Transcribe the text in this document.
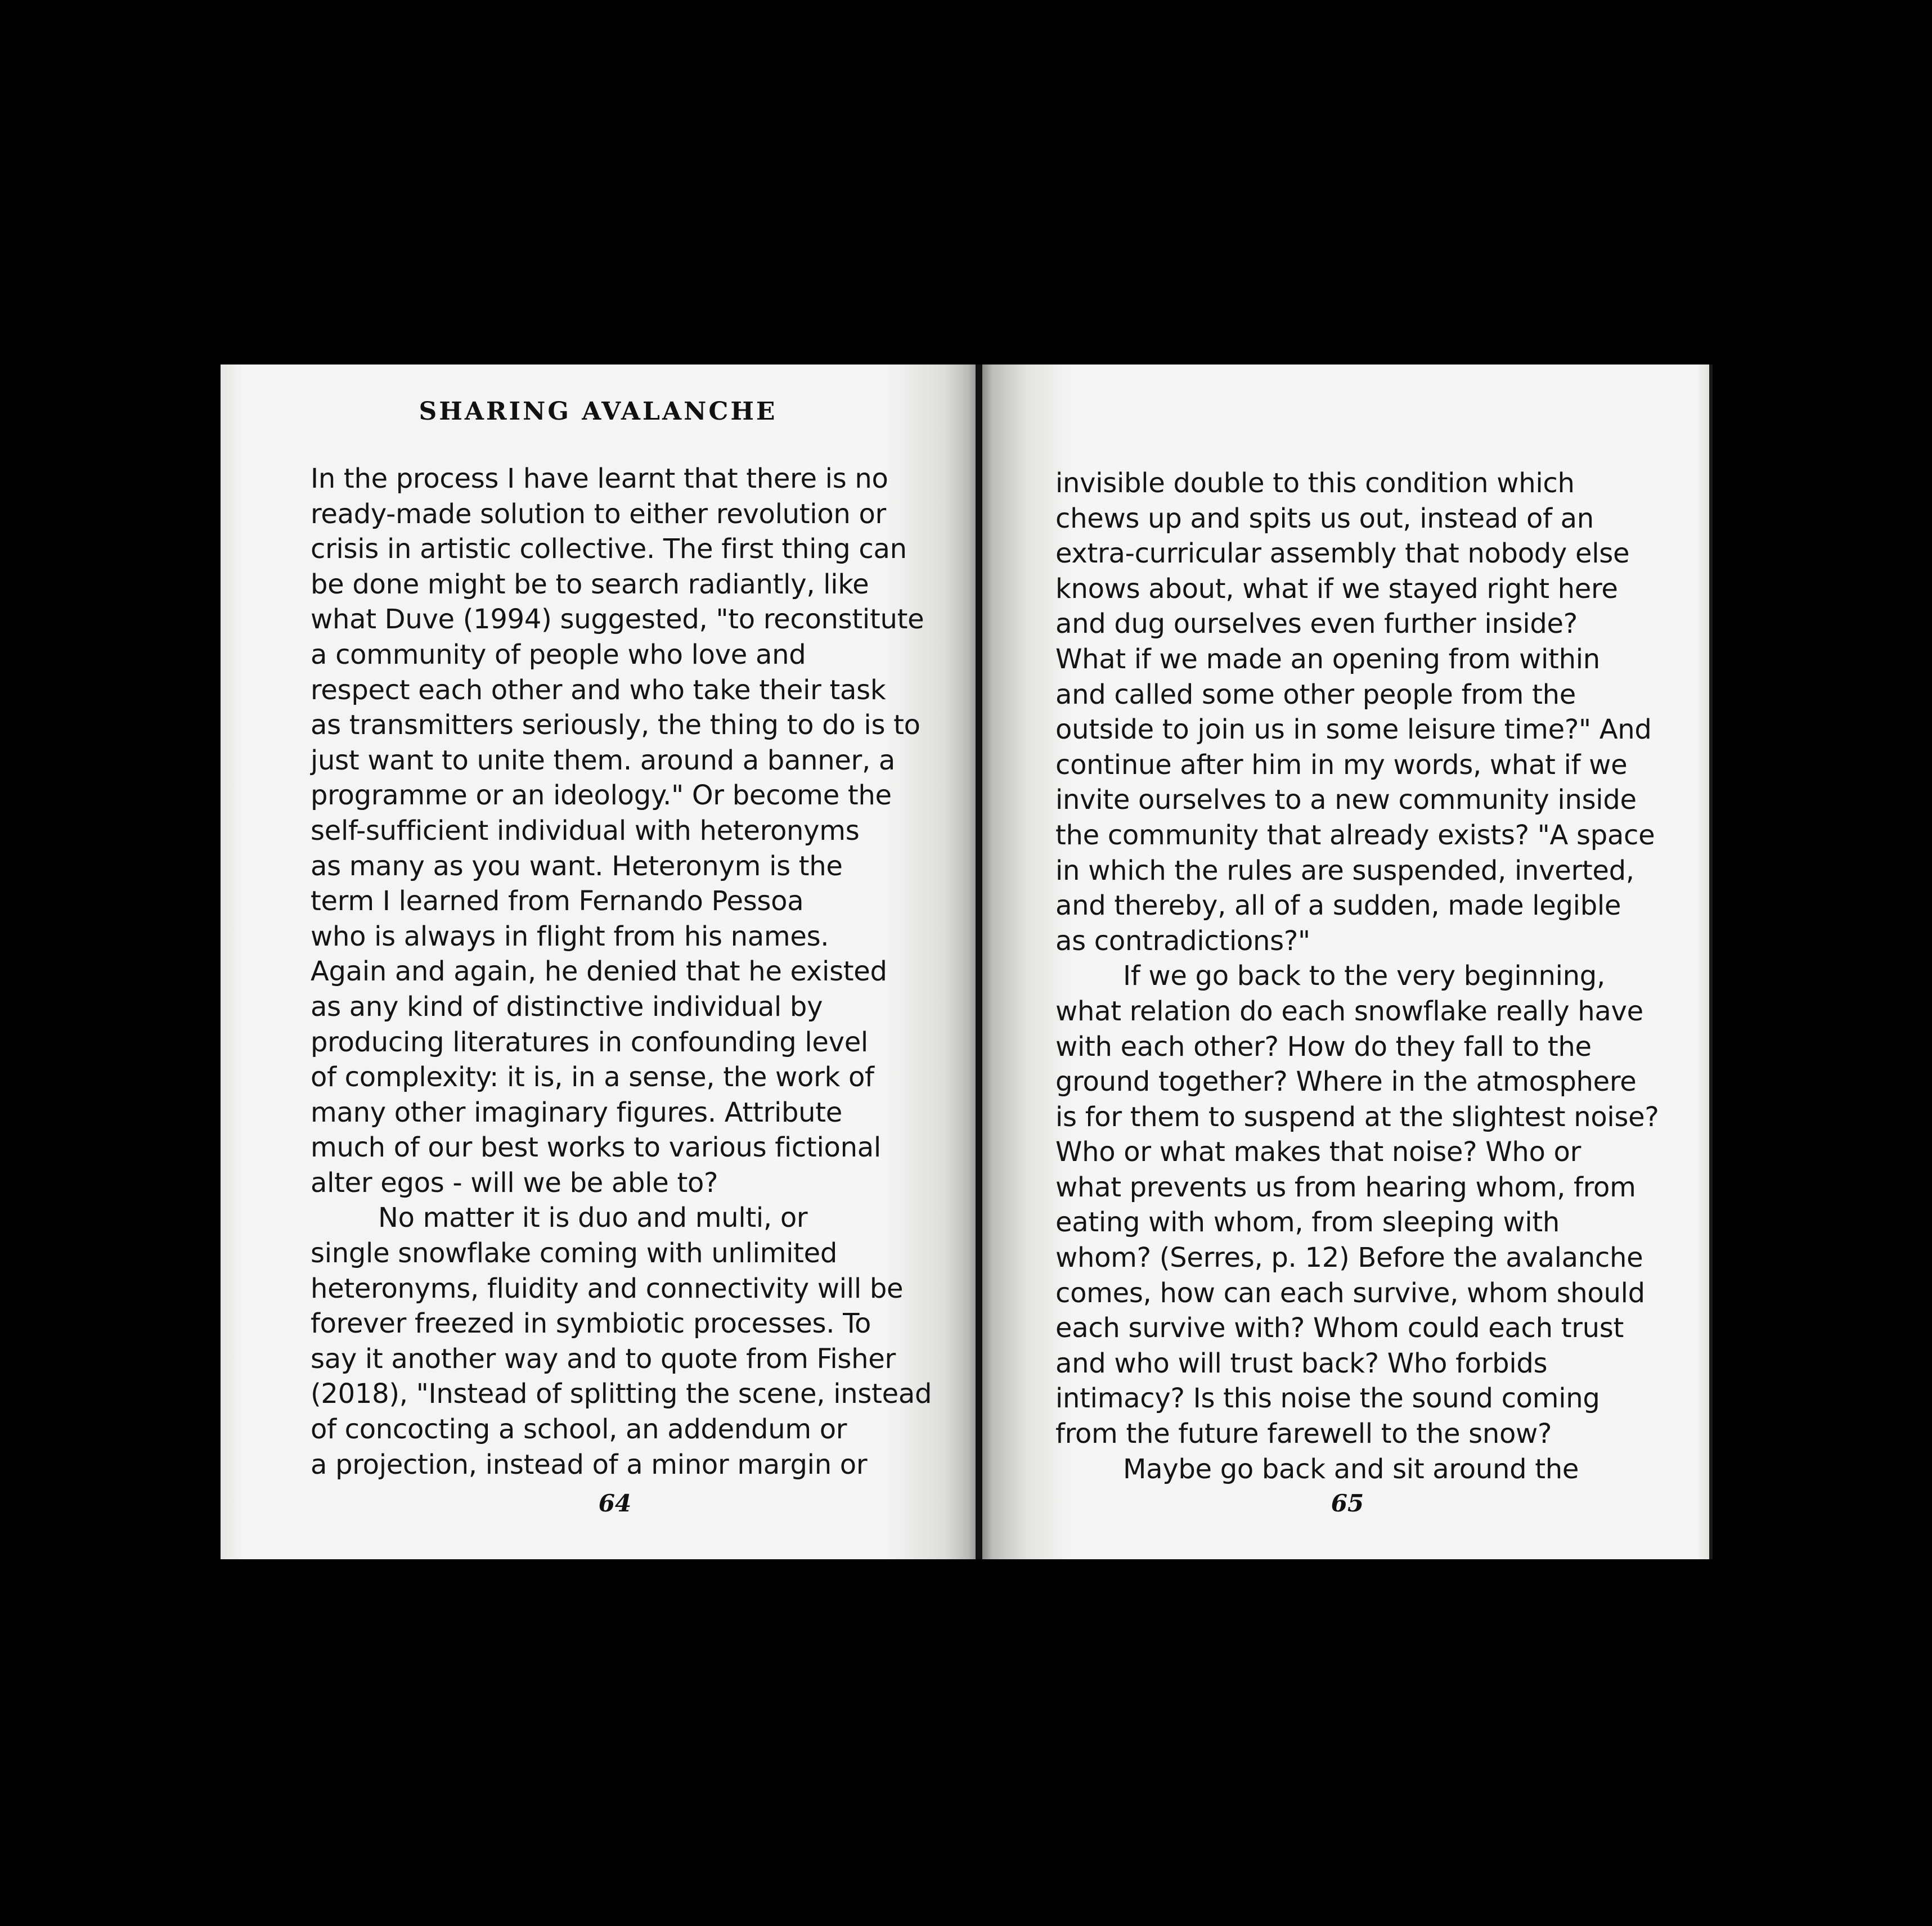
SHARING AVALANCHE
In the process I have learnt that there is no
ready-made solution to either revolution or
crisis in artistic collective. The first thing can
be done might be to search radiantly, like
what Duve (1994) suggested, "to reconstitute
a community of people who love and
respect each other and who take their task
as transmitters seriously, the thing to do is to
just want to unite them. around a banner, a
programme or an ideology." Or become the
self-sufficient individual with heteronyms
as many as you want. Heteronym is the
term I learned from Fernando Pessoa
who is always in flight from his names.
Again and again, he denied that he existed
as any kind of distinctive individual by
producing literatures in confounding level
of complexity: it is, in a sense, the work of
many other imaginary figures. Attribute
much of our best works to various fictional
alter egos - will we be able to?
No matter it is duo and multi, or
single snowflake coming with unlimited
heteronyms, fluidity and connectivity will be
forever freezed in symbiotic processes. To
say it another way and to quote from Fisher
(2018), "Instead of splitting the scene, instead
of concocting a school, an addendum or
a projection, instead of a minor margin or
64
invisible double to this condition which
chews up and spits us out, instead of an
extra-curricular assembly that nobody else
knows about, what if we stayed right here
and dug ourselves even further inside?
What if we made an opening from within
and called some other people from the
outside to join us in some leisure time?" And
continue after him in my words, what if we
invite ourselves to a new community inside
the community that already exists? "A space
in which the rules are suspended, inverted,
and thereby, all of a sudden, made legible
as contradictions?"
If we go back to the very beginning,
what relation do each snowflake really have
with each other? How do they fall to the
ground together? Where in the atmosphere
is for them to suspend at the slightest noise?
Who or what makes that noise? Who or
what prevents us from hearing whom, from
eating with whom, from sleeping with
whom? (Serres, p. 12) Before the avalanche
comes, how can each survive, whom should
each survive with? Whom could each trust
and who will trust back? Who forbids
intimacy? Is this noise the sound coming
from the future farewell to the snow?
Maybe go back and sit around the
65
